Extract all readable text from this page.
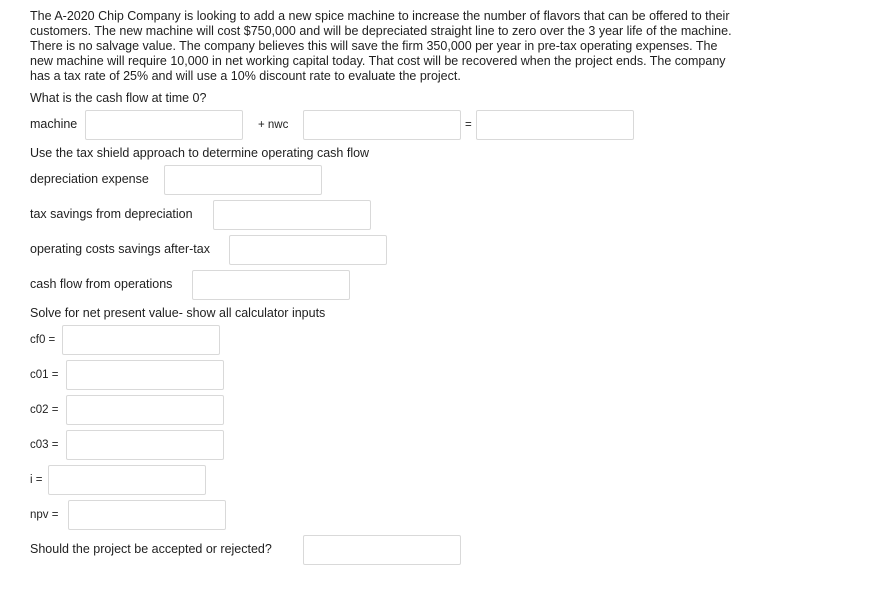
The A-2020 Chip Company is looking to add a new spice machine to increase the number of flavors that can be offered to their
customers. The new machine will cost $750,000 and will be depreciated straight line to zero over the 3 year life of the machine.
There is no salvage value. The company believes this will save the firm 350,000 per year in pre-tax operating expenses. The
new machine will require 10,000 in net working capital today. That cost will be recovered when the project ends. The company
has a tax rate of 25% and will use a 10% discount rate to evaluate the project.
What is the cash flow at time 0?
machine	+ nwc	=
Use the tax shield approach to determine operating cash flow
depreciation expense
tax savings from depreciation
operating costs savings after-tax
cash flow from operations
Solve for net present value- show all calculator inputs
cf0 =
c01 =
c02 =
c03 =
i =
npv =
Should the project be accepted or rejected?
